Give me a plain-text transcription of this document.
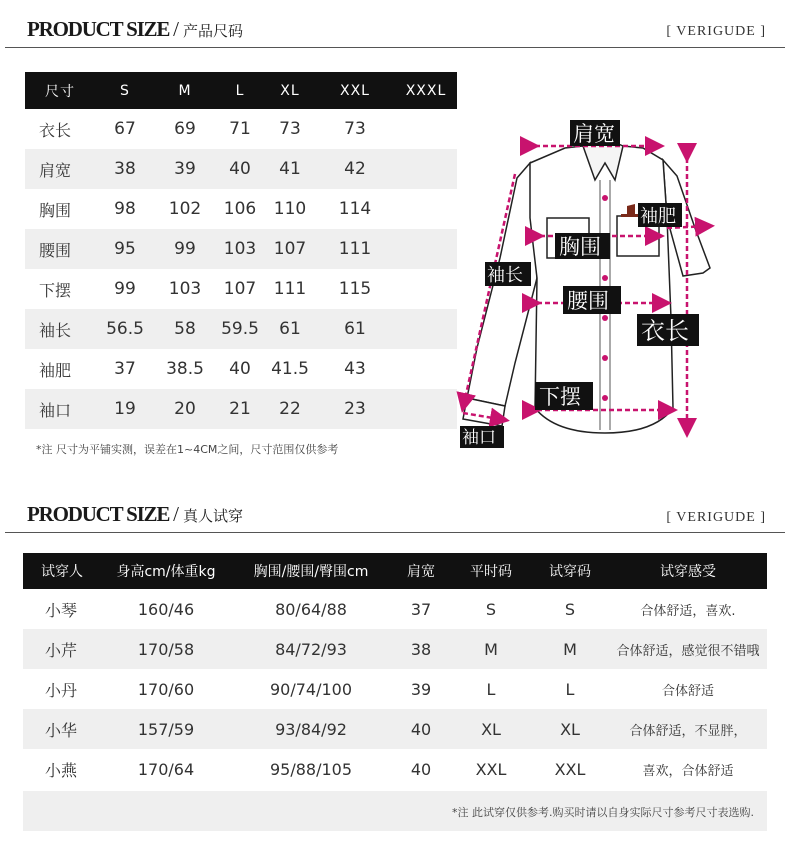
PRODUCT SIZE / 产品尺码	[ VERIGUDE ]
尺寸	S	M	L	XL	XXL	XXXL
衣长	67	69	71	73	73	
肩宽	38	39	40	41	42	
胸围	98	102	106	110	114	
腰围	95	99	103	107	111	
下摆	99	103	107	111	115	
袖长	56.5	58	59.5	61	61	
袖肥	37	38.5	40	41.5	43	
袖口	19	20	21	22	23	
*注 尺寸为平铺实测，误差在1~4CM之间，尺寸范围仅供参考
肩宽
袖肥
胸围
袖长
腰围
衣长
下摆
袖口
PRODUCT SIZE / 真人试穿	[ VERIGUDE ]
试穿人	身高cm/体重kg	胸围/腰围/臀围cm	肩宽	平时码	试穿码	试穿感受
小琴	160/46	80/64/88	37	S	S	合体舒适，喜欢.
小芹	170/58	84/72/93	38	M	M	合体舒适，感觉很不错哦
小丹	170/60	90/74/100	39	L	L	合体舒适
小华	157/59	93/84/92	40	XL	XL	合体舒适，不显胖，
小燕	170/64	95/88/105	40	XXL	XXL	喜欢，合体舒适
*注 此试穿仅供参考.购买时请以自身实际尺寸参考尺寸表选购.
